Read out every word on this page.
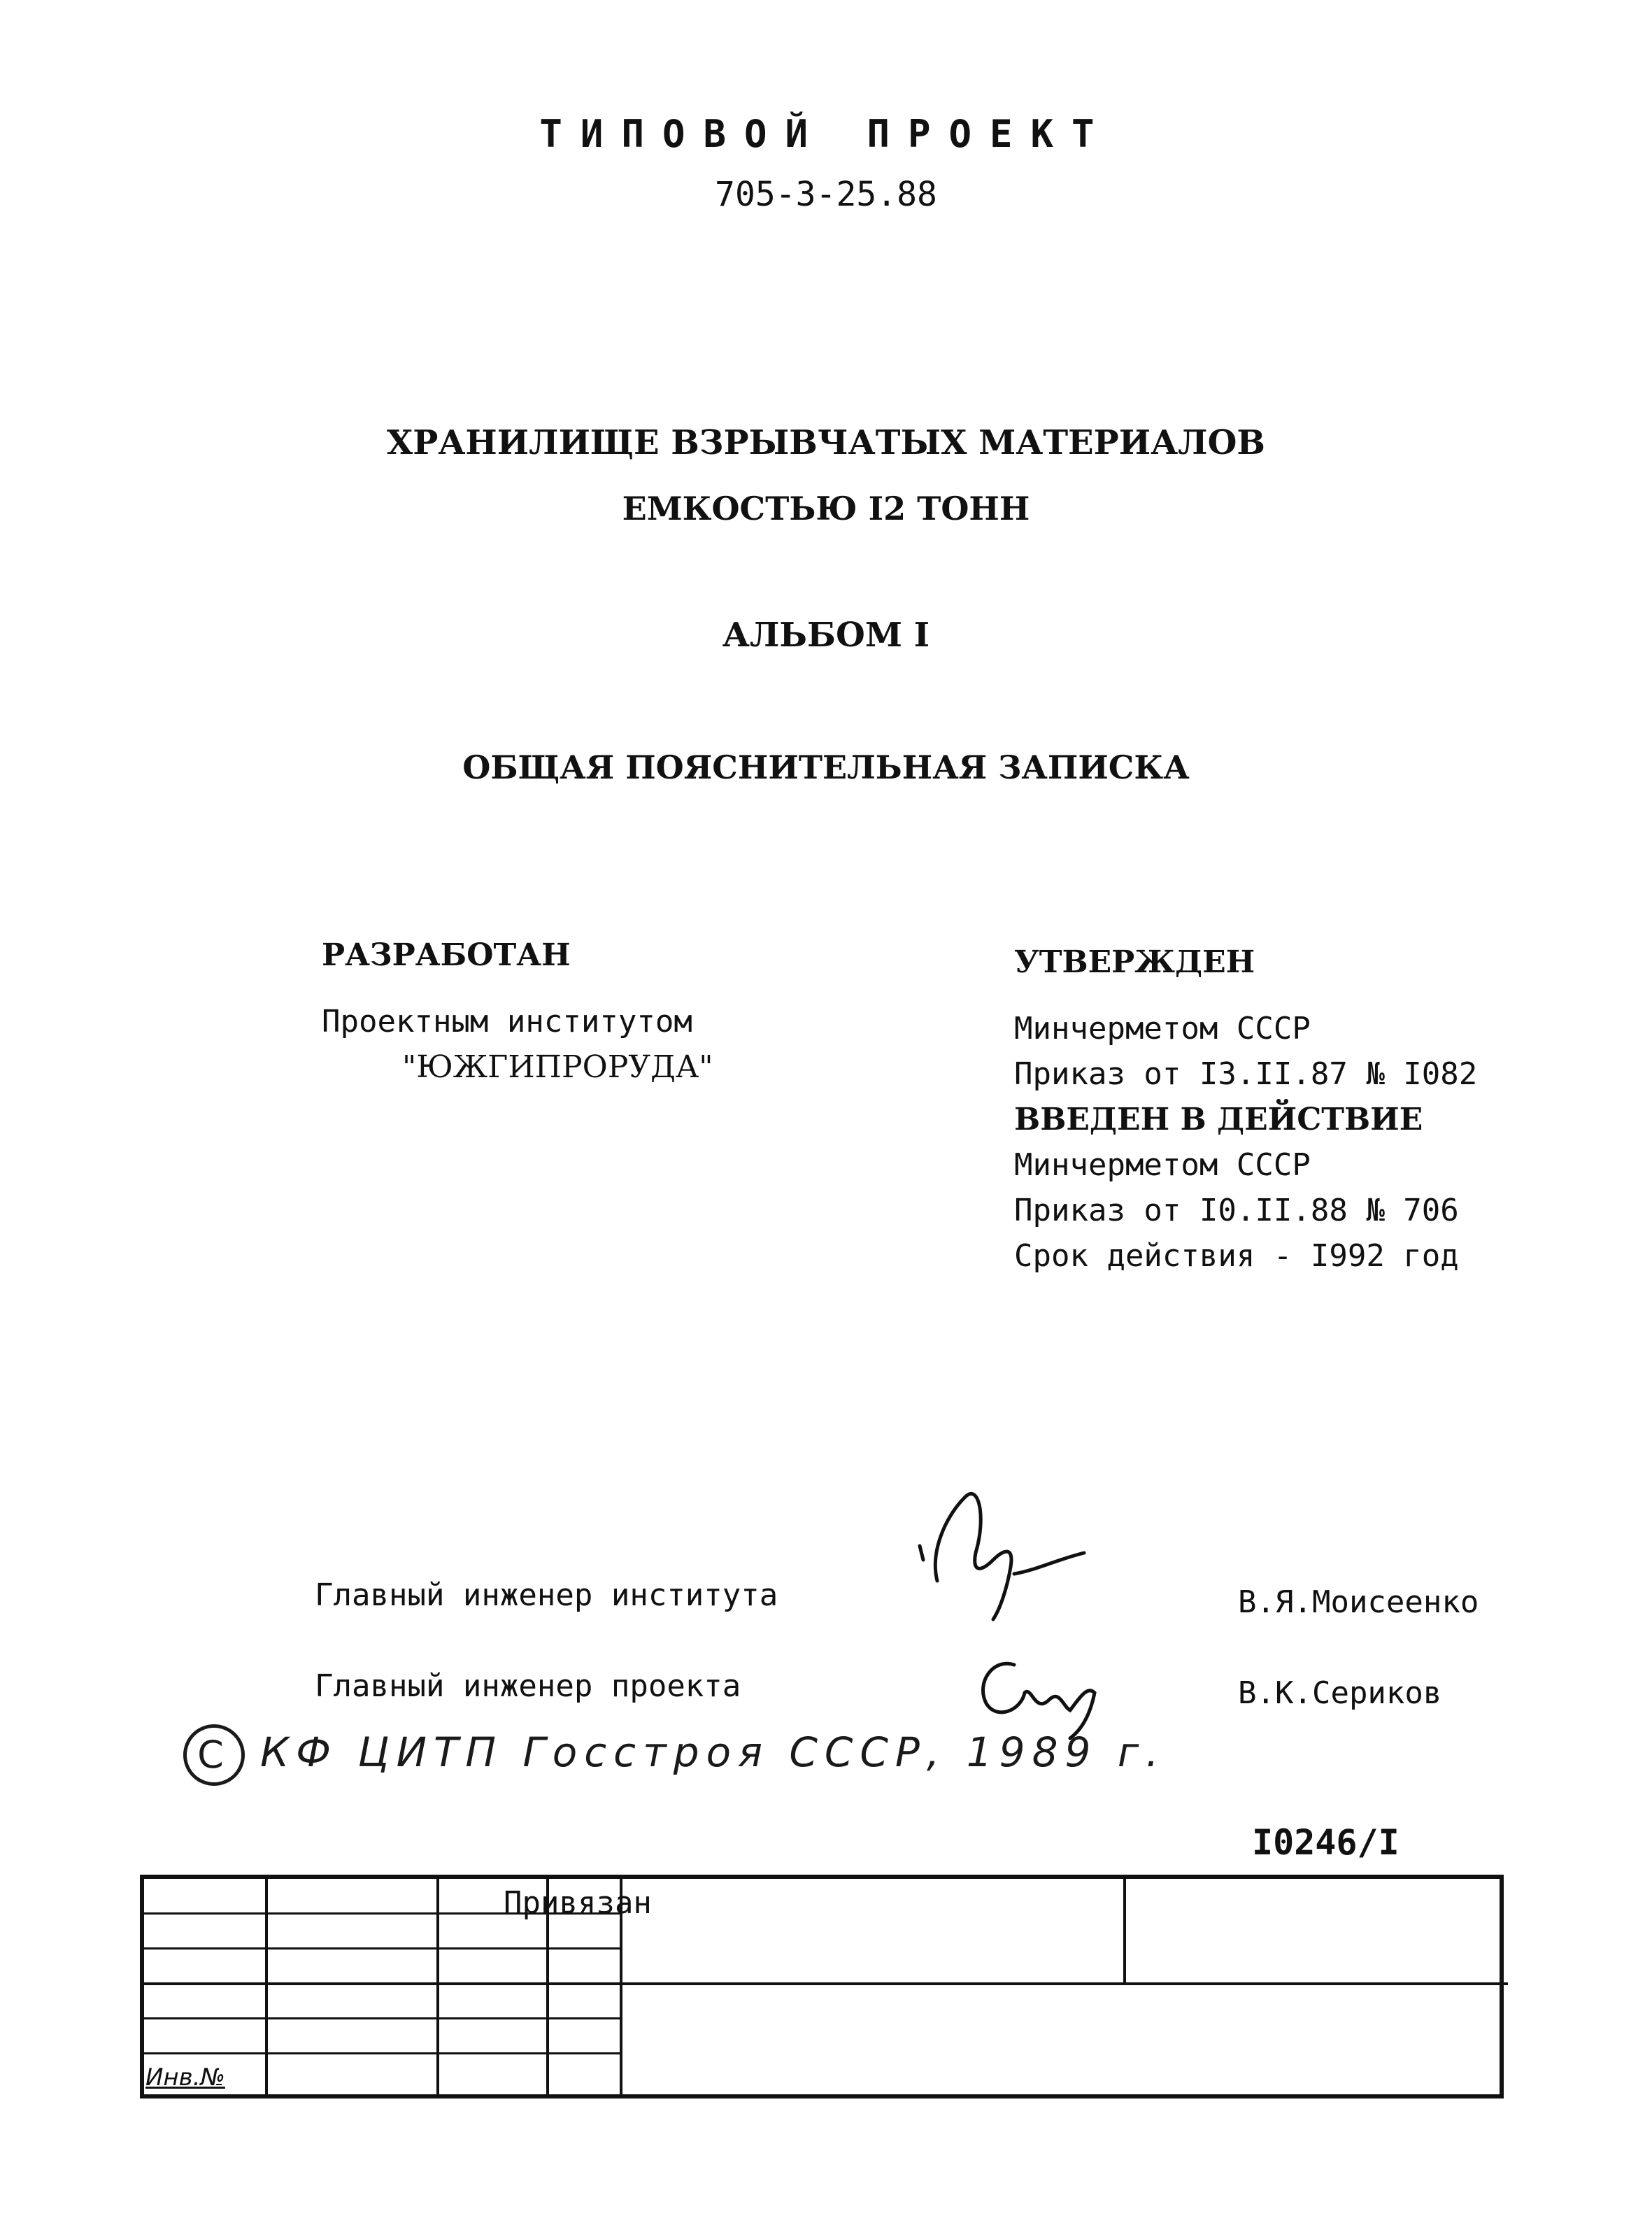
ТИПОВОЙ ПРОЕКТ
705-3-25.88
ХРАНИЛИЩЕ ВЗРЫВЧАТЫХ МАТЕРИАЛОВ
ЕМКОСТЬЮ I2 ТОНН
АЛЬБОМ I
ОБЩАЯ ПОЯСНИТЕЛЬНАЯ ЗАПИСКА
РАЗРАБОТАН
Проектным институтом
"ЮЖГИПРОРУДА"
УТВЕРЖДЕН
Минчерметом СССР
Приказ от I3.II.87 № I082
ВВЕДЕН В ДЕЙСТВИЕ
Минчерметом СССР
Приказ от I0.II.88 № 706
Срок действия - I992 год
Главный инженер института	В.Я.Моисеенко
Главный инженер проекта	В.К.Сериков
C КФ ЦИТП Госстроя СССР, 1989 г.
I0246/I
Привязан
Инв.№
